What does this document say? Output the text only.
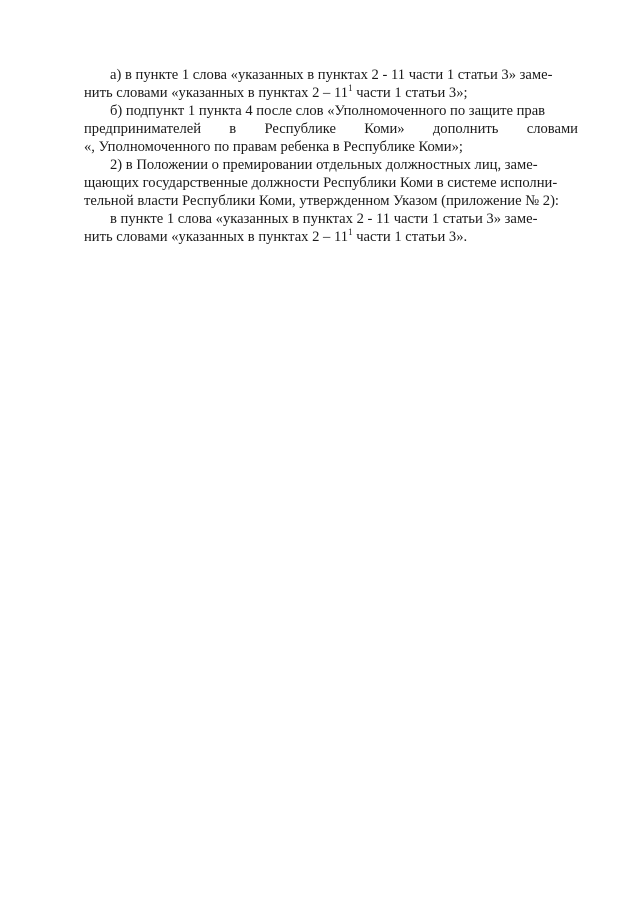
а) в пункте 1 слова «указанных в пунктах 2 - 11 части 1 статьи 3» заме-
нить словами «указанных в пунктах $2 - 11^1$ части 1 статьи 3»;
б) подпункт 1 пункта 4 после слов «Уполномоченного по защите прав
предпринимателей в Республике Коми» дополнить словами
«, Уполномоченного по правам ребенка в Республике Коми»;
2) в Положении о премировании отдельных должностных лиц, заме-
щающих государственные должности Республики Коми в системе исполни-
тельной власти Республики Коми, утвержденном Указом (приложение № 2):
в пункте 1 слова «указанных в пунктах 2 - 11 части 1 статьи 3» заме-
нить словами «указанных в пунктах $2 - 11^1$ части 1 статьи 3».
